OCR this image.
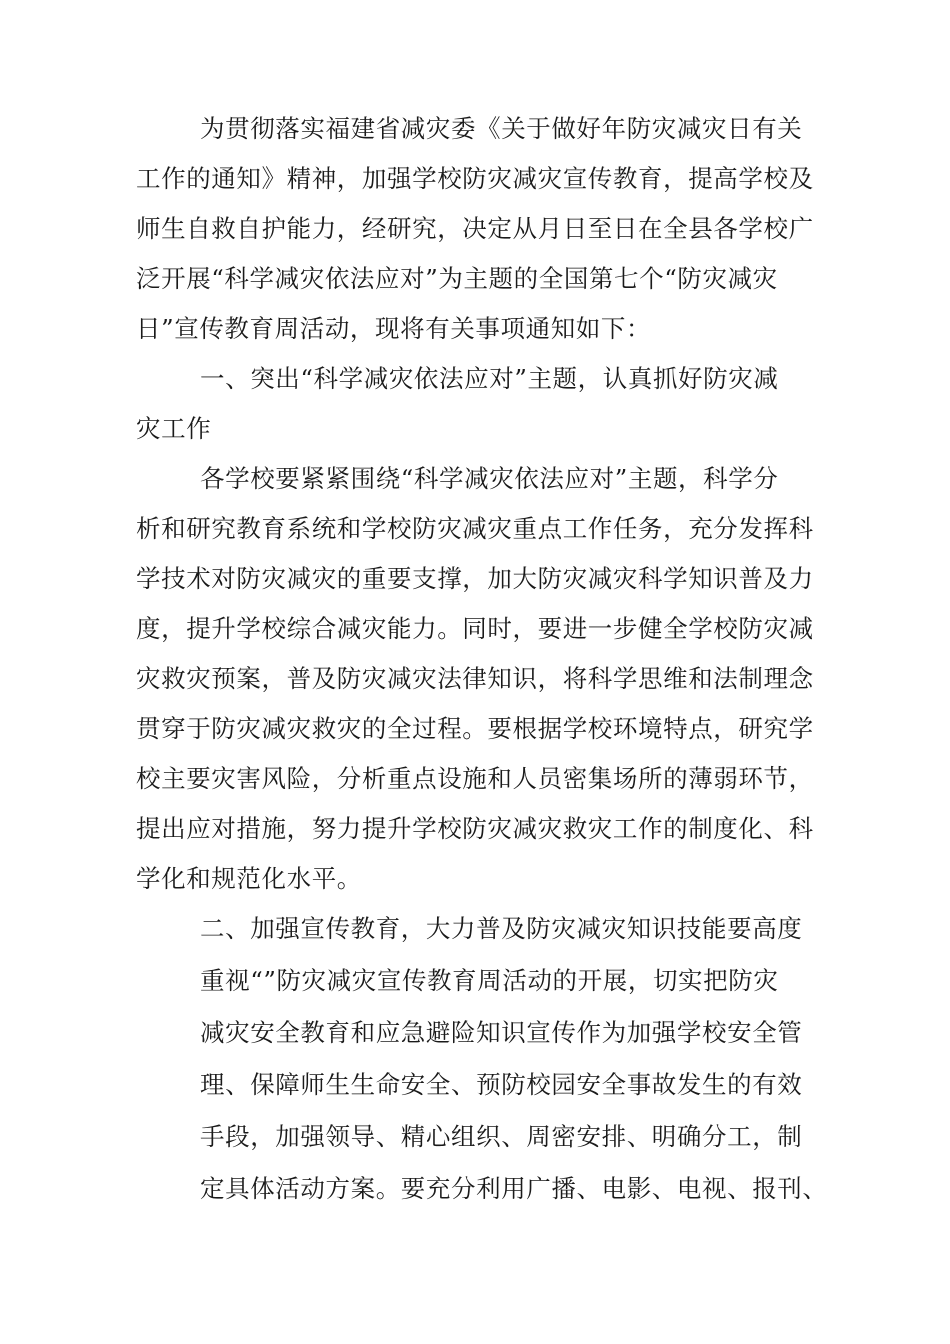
为贯彻落实福建省减灾委《关于做好年防灾减灾日有关
工作的通知》精神，加强学校防灾减灾宣传教育，提高学校及
师生自救自护能力，经研究，决定从月日至日在全县各学校广
泛开展“科学减灾依法应对”为主题的全国第七个“防灾减灾
日”宣传教育周活动，现将有关事项通知如下：
一、突出“科学减灾依法应对”主题，认真抓好防灾减
灾工作
各学校要紧紧围绕“科学减灾依法应对”主题，科学分
析和研究教育系统和学校防灾减灾重点工作任务，充分发挥科
学技术对防灾减灾的重要支撑，加大防灾减灾科学知识普及力
度，提升学校综合减灾能力。同时，要进一步健全学校防灾减
灾救灾预案，普及防灾减灾法律知识，将科学思维和法制理念
贯穿于防灾减灾救灾的全过程。要根据学校环境特点，研究学
校主要灾害风险，分析重点设施和人员密集场所的薄弱环节，
提出应对措施，努力提升学校防灾减灾救灾工作的制度化、科
学化和规范化水平。
二、加强宣传教育，大力普及防灾减灾知识技能要高度
重视“”防灾减灾宣传教育周活动的开展，切实把防灾
减灾安全教育和应急避险知识宣传作为加强学校安全管
理、保障师生生命安全、预防校园安全事故发生的有效
手段，加强领导、精心组织、周密安排、明确分工，制
定具体活动方案。要充分利用广播、电影、电视、报刊、
